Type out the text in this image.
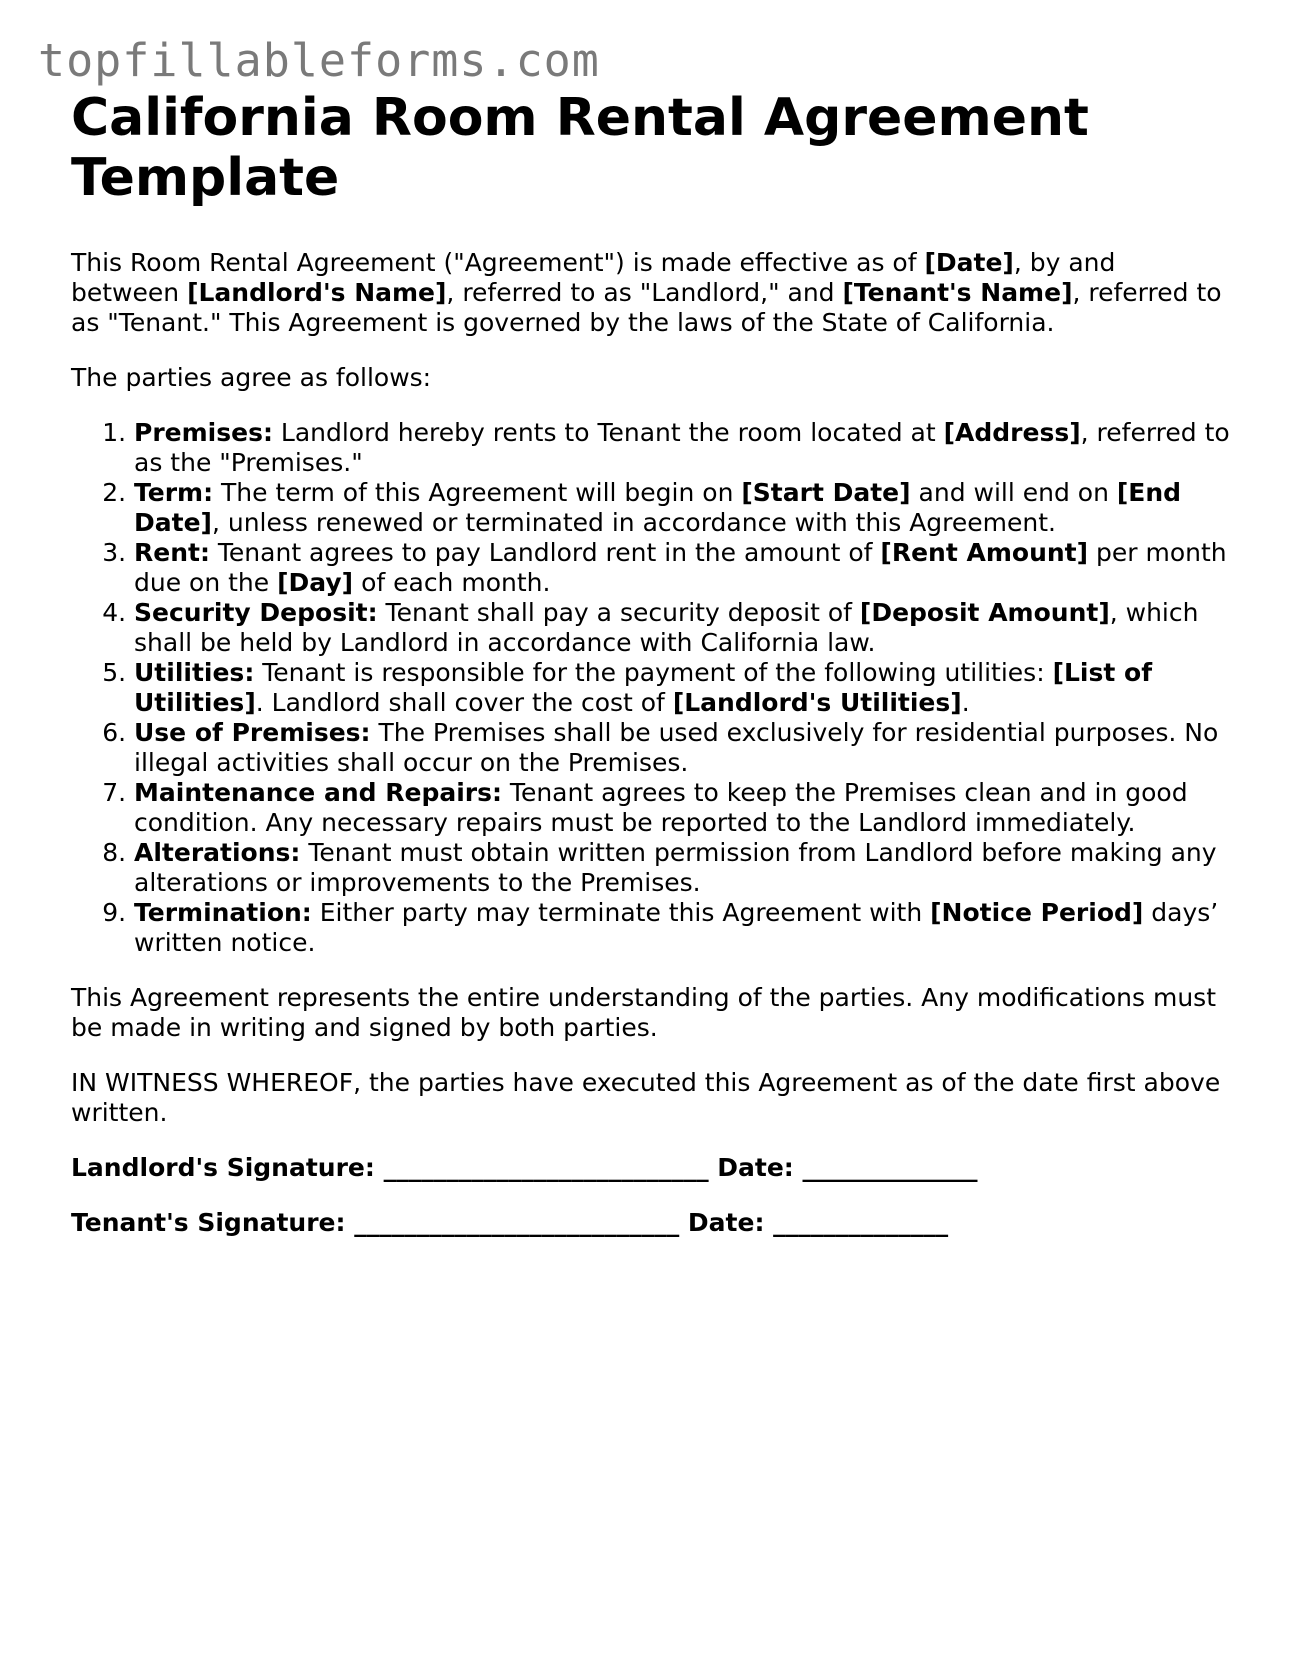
topfillableforms.com
California Room Rental Agreement Template

This Room Rental Agreement ("Agreement") is made effective as of [Date], by and between [Landlord's Name], referred to as "Landlord," and [Tenant's Name], referred to as "Tenant." This Agreement is governed by the laws of the State of California.

The parties agree as follows:

1. Premises: Landlord hereby rents to Tenant the room located at [Address], referred to as the "Premises."
2. Term: The term of this Agreement will begin on [Start Date] and will end on [End Date], unless renewed or terminated in accordance with this Agreement.
3. Rent: Tenant agrees to pay Landlord rent in the amount of [Rent Amount] per month due on the [Day] of each month.
4. Security Deposit: Tenant shall pay a security deposit of [Deposit Amount], which shall be held by Landlord in accordance with California law.
5. Utilities: Tenant is responsible for the payment of the following utilities: [List of Utilities]. Landlord shall cover the cost of [Landlord's Utilities].
6. Use of Premises: The Premises shall be used exclusively for residential purposes. No illegal activities shall occur on the Premises.
7. Maintenance and Repairs: Tenant agrees to keep the Premises clean and in good condition. Any necessary repairs must be reported to the Landlord immediately.
8. Alterations: Tenant must obtain written permission from Landlord before making any alterations or improvements to the Premises.
9. Termination: Either party may terminate this Agreement with [Notice Period] days’ written notice.

This Agreement represents the entire understanding of the parties. Any modifications must be made in writing and signed by both parties.

IN WITNESS WHEREOF, the parties have executed this Agreement as of the date first above written.

Landlord's Signature: __________________________ Date: ______________

Tenant's Signature: __________________________ Date: ______________
